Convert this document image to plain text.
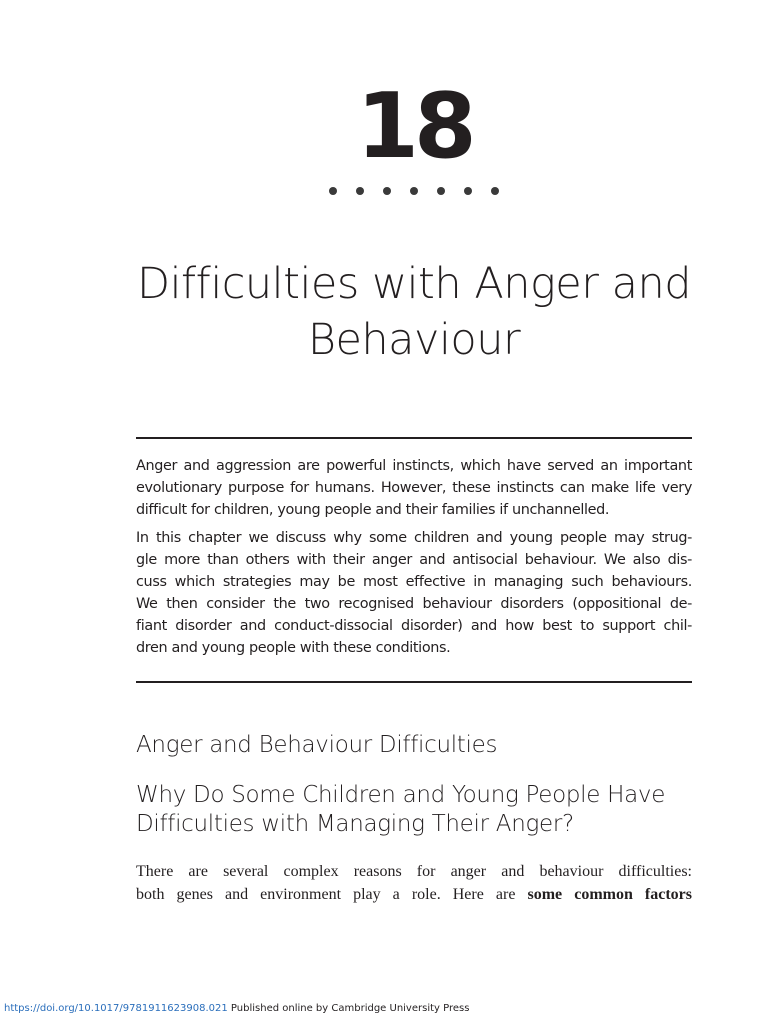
18
Difficulties with Anger and
Behaviour

Anger and aggression are powerful instincts, which have served an important
evolutionary purpose for humans. However, these instincts can make life very
difficult for children, young people and their families if unchannelled.

In this chapter we discuss why some children and young people may strug-
gle more than others with their anger and antisocial behaviour. We also dis-
cuss which strategies may be most effective in managing such behaviours.
We then consider the two recognised behaviour disorders (oppositional de-
fiant disorder and conduct-dissocial disorder) and how best to support chil-
dren and young people with these conditions.

Anger and Behaviour Difficulties
Why Do Some Children and Young People Have
Difficulties with Managing Their Anger?
There are several complex reasons for anger and behaviour difficulties:
both genes and environment play a role. Here are some common factors
https://doi.org/10.1017/9781911623908.021 Published online by Cambridge University Press
